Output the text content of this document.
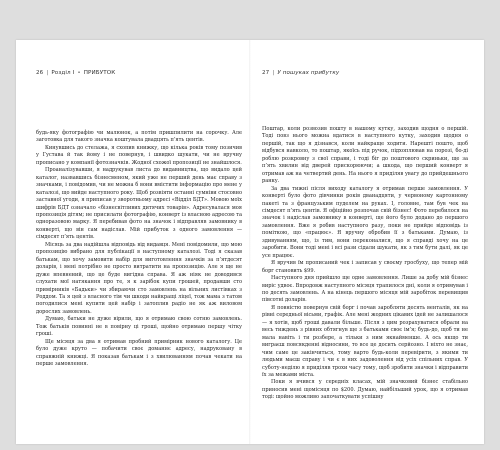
26 | Розділ I • ПРИБУТОК

будь-яку фотографію чи малюнок, а потім пришпилити на сорочку. Але заготовка для такого значка коштувала двадцять п’ять центів.

Кинувшись до стелажа, я схопив книжку, що кілька років тому позичив у Густава й так йому і не повернув, і швидко шукати, чи не вручну прописано у компанії фотозначків. Жодної схожої пропозиції не знайшлося.

Проаналізувавши, я надрукував листа до видавництва, що видало цей каталог, назвавшись бізнесменом, який уже не перший день має справу з значками, і повідомив, чи не можна б вони вмістити інформацію про мене у каталозі, що вийде наступного року. Щоб розвіяти останні сумніви стосовно заставної угоди, я приписав у зворотньому адресі «Відділ БДТ». Мовою моїх шифрів БДТ означало «бізнесвітливих дитячих товарів». Адресувалася моя пропозиція дітям; не присилати фотографію, конверт із власною адресою та одноразовою марку. Я перебивав фото на значок і відправляв замовнику в конверті, що він сам надіслав. Мій прибуток з одного замовлення — сімдесят п’ять центів.

Місяць за два надійшла відповідь від видавця. Мені повідомили, що мою пропозицію вибрано для публікації в наступному каталозі. Тоді я сказав батькам, що хочу замовити набір для виготовлення значків за п’ятдесят доларів, і мені потрібно не просто витратити на пропозицію. Але я ще не дуже впевнений, що це буде вигідна справа. Я аж ніяк не доводився слухати мої натякання про те, я к зарібок купи грошей, продавши сто примірників «Бадьки» чи збираючи сто замовлень на вільних листівках з Роддом. Та я цей з власного тім чи шкоди найкращі ліцеї, тож мама з татом погодилися мені купити цей набір і затоплив радіо не як аж виловом дорослих замовлень.

Думаю, батьки не дуже вірили, що я отримаю свою сотню замовлень. Тож батьків повинні не в повірну ці гроші, щойно отримаю першу чітку гроші.

Ще місяця за два я отримав пробний примірник нового каталогу. Це було дуже круто — побачити своє доманнє адресу, надруковану в справжній книжці. Я показав батькам і з хвилюванням почав чекати на перше замовлення.

27 | У пошуках прибутку

Поштар, коли розвозив пошту в нашому кутку, заходив щодня о першій. Тоді повз нього можна вдатися в наступного кутку, заходив щодня о першій, так що я дізнався, коли найкраще ходити. Нарешті пошто, щоб відбувся навколо, то поштар, якоїсь під ручок, підхоплював на порозі, бо-ді роблю розкровну з свої справи, і тоді біг до поштового скриньки, ще за п’ять хвилин від дверей прискорюючи; а шкода, що перший конверт я отримав аж на четвертий день. На нього я приділяв увагу до прийдешнього ранку.

За два тижні після виходу каталогу я отримав перше замовлення. У конверті було фото дівчинки років дванадцяти, у червоному картонному пакеті та з французьким пуделем на руках. І, головне, там був чек на сімдесят п’ять центів. Я офіційно розпочав свій бізнес! Фото перебилося на значок і надіслав замовнику в конверті, ще його було додано до першого замовлення. Вже я робив наступного разу, поки не прийде відповідь із поміткою, що «працює». Я вручну обробив її з батьками. Думаю, із здивуванням, що, із тим, вони переконалися, що я справді хочу на це заробити. Вони тоді мені і всі рази сідали шукати, як з тим бути далі, як це усе працює.

Я вручив їм прописаний чек і записав у своєму гросбуху, що тепер мій борг становить $99.

Наступного дня прийшло ще одне замовлення. Лише за добу мій бізнес виріс удвоє. Впродовж наступного місяця трапилося дні, коли я отримував і по десять замовлень. А на кінець першого місяця мій заробіток перевищив півсотні доларів.

Я повністю повернув свій борг і почав заробляти десять венталів, як на рівні середньої вісьми, графік. Але мені жодних цікавих ідей не залишалося — я хотів, щоб гроші давали більше. Після з цим розрахуватися обрали на весь тиждень з рівних обтягнув ще з батьками своє ім’я; будь-до, щоб ти не мала навіть і ти розбере, а тільки з ним якнайменше. А ось якщо ти виграєш повсякденні відносини, то все це досить серйозно. І ніхто не знає, чим саме це закінчиться, тому варто будь-коли перевірити, з якими ти людьми маєш справу і чи є в них задоволення від усіх спільних справ. У суботу-неділю я приділяв трохи часу тому, щоб зробити значки і відправити їх за межами міста.

Поки я вчився у середніх класах, мій значковий бізнес стабільно приносив мені щомісяця по $200. Думаю, найбільший урок, що я отримав тоді: щойно можливо започаткувати успішну
